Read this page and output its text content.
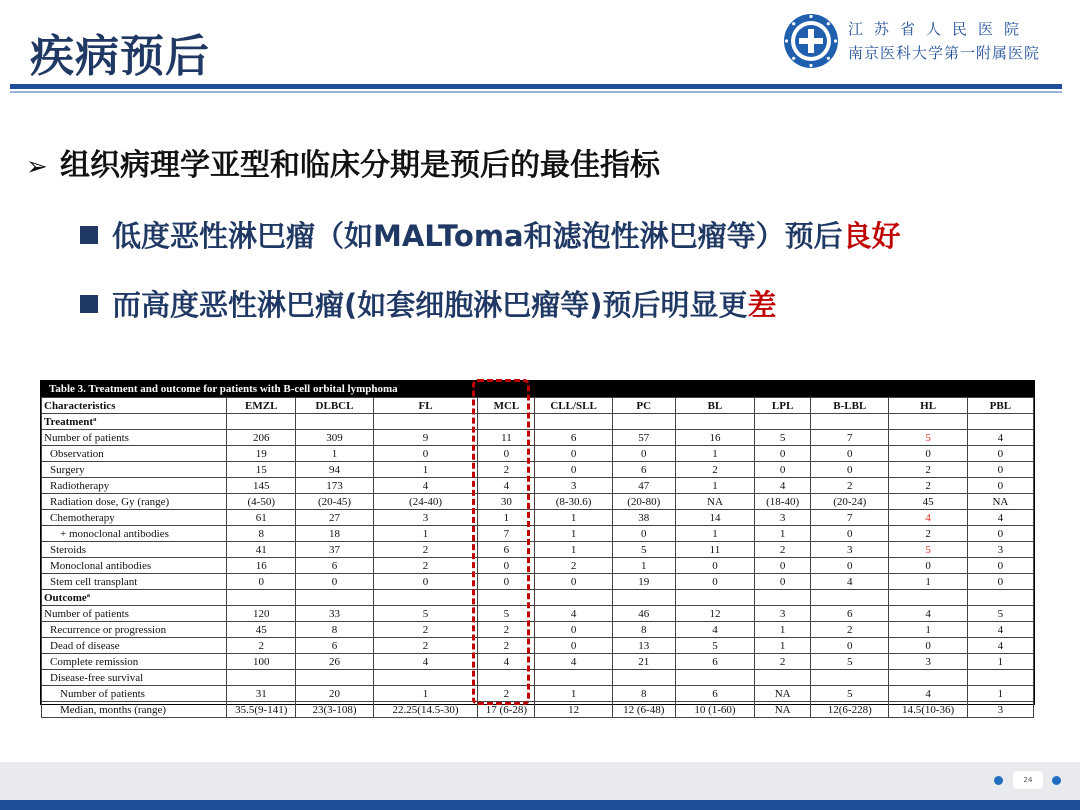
疾病预后
江苏省人民医院
南京医科大学第一附属医院
➢ 组织病理学亚型和临床分期是预后的最佳指标
低度恶性淋巴瘤（如MALToma和滤泡性淋巴瘤等）预后良好
而高度恶性淋巴瘤(如套细胞淋巴瘤等)预后明显更差
Table 3. Treatment and outcome for patients with B-cell orbital lymphoma
Characteristics	EMZL	DLBCL	FL	MCL	CLL/SLL	PC	BL	LPL	B-LBL	HL	PBL
Treatmentª											
Number of patients	206	309	9	11	6	57	16	5	7	5	4
Observation	19	1	0	0	0	0	1	0	0	0	0
Surgery	15	94	1	2	0	6	2	0	0	2	0
Radiotherapy	145	173	4	4	3	47	1	4	2	2	0
Radiation dose, Gy (range)	(4-50)	(20-45)	(24-40)	30	(8-30.6)	(20-80)	NA	(18-40)	(20-24)	45	NA
Chemotherapy	61	27	3	1	1	38	14	3	7	4	4
+ monoclonal antibodies	8	18	1	7	1	0	1	1	0	2	0
Steroids	41	37	2	6	1	5	11	2	3	5	3
Monoclonal antibodies	16	6	2	0	2	1	0	0	0	0	0
Stem cell transplant	0	0	0	0	0	19	0	0	4	1	0
Outcomeª											
Number of patients	120	33	5	5	4	46	12	3	6	4	5
Recurrence or progression	45	8	2	2	0	8	4	1	2	1	4
Dead of disease	2	6	2	2	0	13	5	1	0	0	4
Complete remission	100	26	4	4	4	21	6	2	5	3	1
Disease-free survival											
Number of patients	31	20	1	2	1	8	6	NA	5	4	1
Median, months (range)	35.5(9-141)	23(3-108)	22.25(14.5-30)	17 (6-28)	12	12 (6-48)	10 (1-60)	NA	12(6-228)	14.5(10-36)	3
24
